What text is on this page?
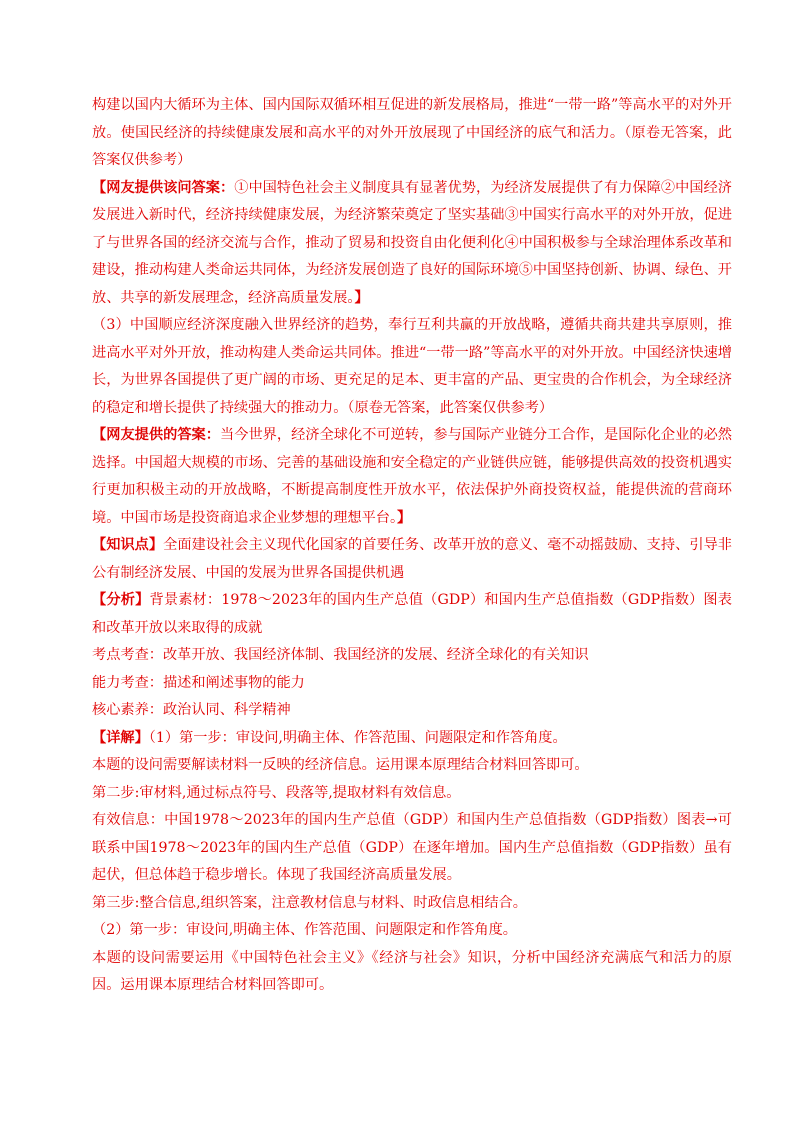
构建以国内大循环为主体、国内国际双循环相互促进的新发展格局，推进“一带一路”等高水平的对外开放。使国民经济的持续健康发展和高水平的对外开放展现了中国经济的底气和活力。（原卷无答案，此答案仅供参考）

【网友提供该问答案：①中国特色社会主义制度具有显著优势，为经济发展提供了有力保障②中国经济发展进入新时代，经济持续健康发展，为经济繁荣奠定了坚实基础③中国实行高水平的对外开放，促进了与世界各国的经济交流与合作，推动了贸易和投资自由化便利化④中国积极参与全球治理体系改革和建设，推动构建人类命运共同体，为经济发展创造了良好的国际环境⑤中国坚持创新、协调、绿色、开放、共享的新发展理念，经济高质量发展。】

（3）中国顺应经济深度融入世界经济的趋势，奉行互利共赢的开放战略，遵循共商共建共享原则，推进高水平对外开放，推动构建人类命运共同体。推进“一带一路”等高水平的对外开放。中国经济快速增长，为世界各国提供了更广阔的市场、更充足的足本、更丰富的产品、更宝贵的合作机会，为全球经济的稳定和增长提供了持续强大的推动力。（原卷无答案，此答案仅供参考）

【网友提供的答案：当今世界，经济全球化不可逆转，参与国际产业链分工合作，是国际化企业的必然选择。中国超大规模的市场、完善的基础设施和安全稳定的产业链供应链，能够提供高效的投资机遇实行更加积极主动的开放战略，不断提高制度性开放水平，依法保护外商投资权益，能提供流的营商环境。中国市场是投资商追求企业梦想的理想平台。】

【知识点】全面建设社会主义现代化国家的首要任务、改革开放的意义、毫不动摇鼓励、支持、引导非公有制经济发展、中国的发展为世界各国提供机遇

【分析】背景素材：1978～2023年的国内生产总值（GDP）和国内生产总值指数（GDP指数）图表和改革开放以来取得的成就

考点考查：改革开放、我国经济体制、我国经济的发展、经济全球化的有关知识

能力考查：描述和阐述事物的能力

核心素养：政治认同、科学精神

【详解】（1）第一步：审设问,明确主体、作答范围、问题限定和作答角度。

本题的设问需要解读材料一反映的经济信息。运用课本原理结合材料回答即可。

第二步:审材料,通过标点符号、段落等,提取材料有效信息。

有效信息：中国1978～2023年的国内生产总值（GDP）和国内生产总值指数（GDP指数）图表→可联系中国1978～2023年的国内生产总值（GDP）在逐年增加。国内生产总值指数（GDP指数）虽有起伏，但总体趋于稳步增长。体现了我国经济高质量发展。

第三步:整合信息,组织答案，注意教材信息与材料、时政信息相结合。

（2）第一步：审设问,明确主体、作答范围、问题限定和作答角度。

本题的设问需要运用《中国特色社会主义》《经济与社会》知识，分析中国经济充满底气和活力的原因。运用课本原理结合材料回答即可。
